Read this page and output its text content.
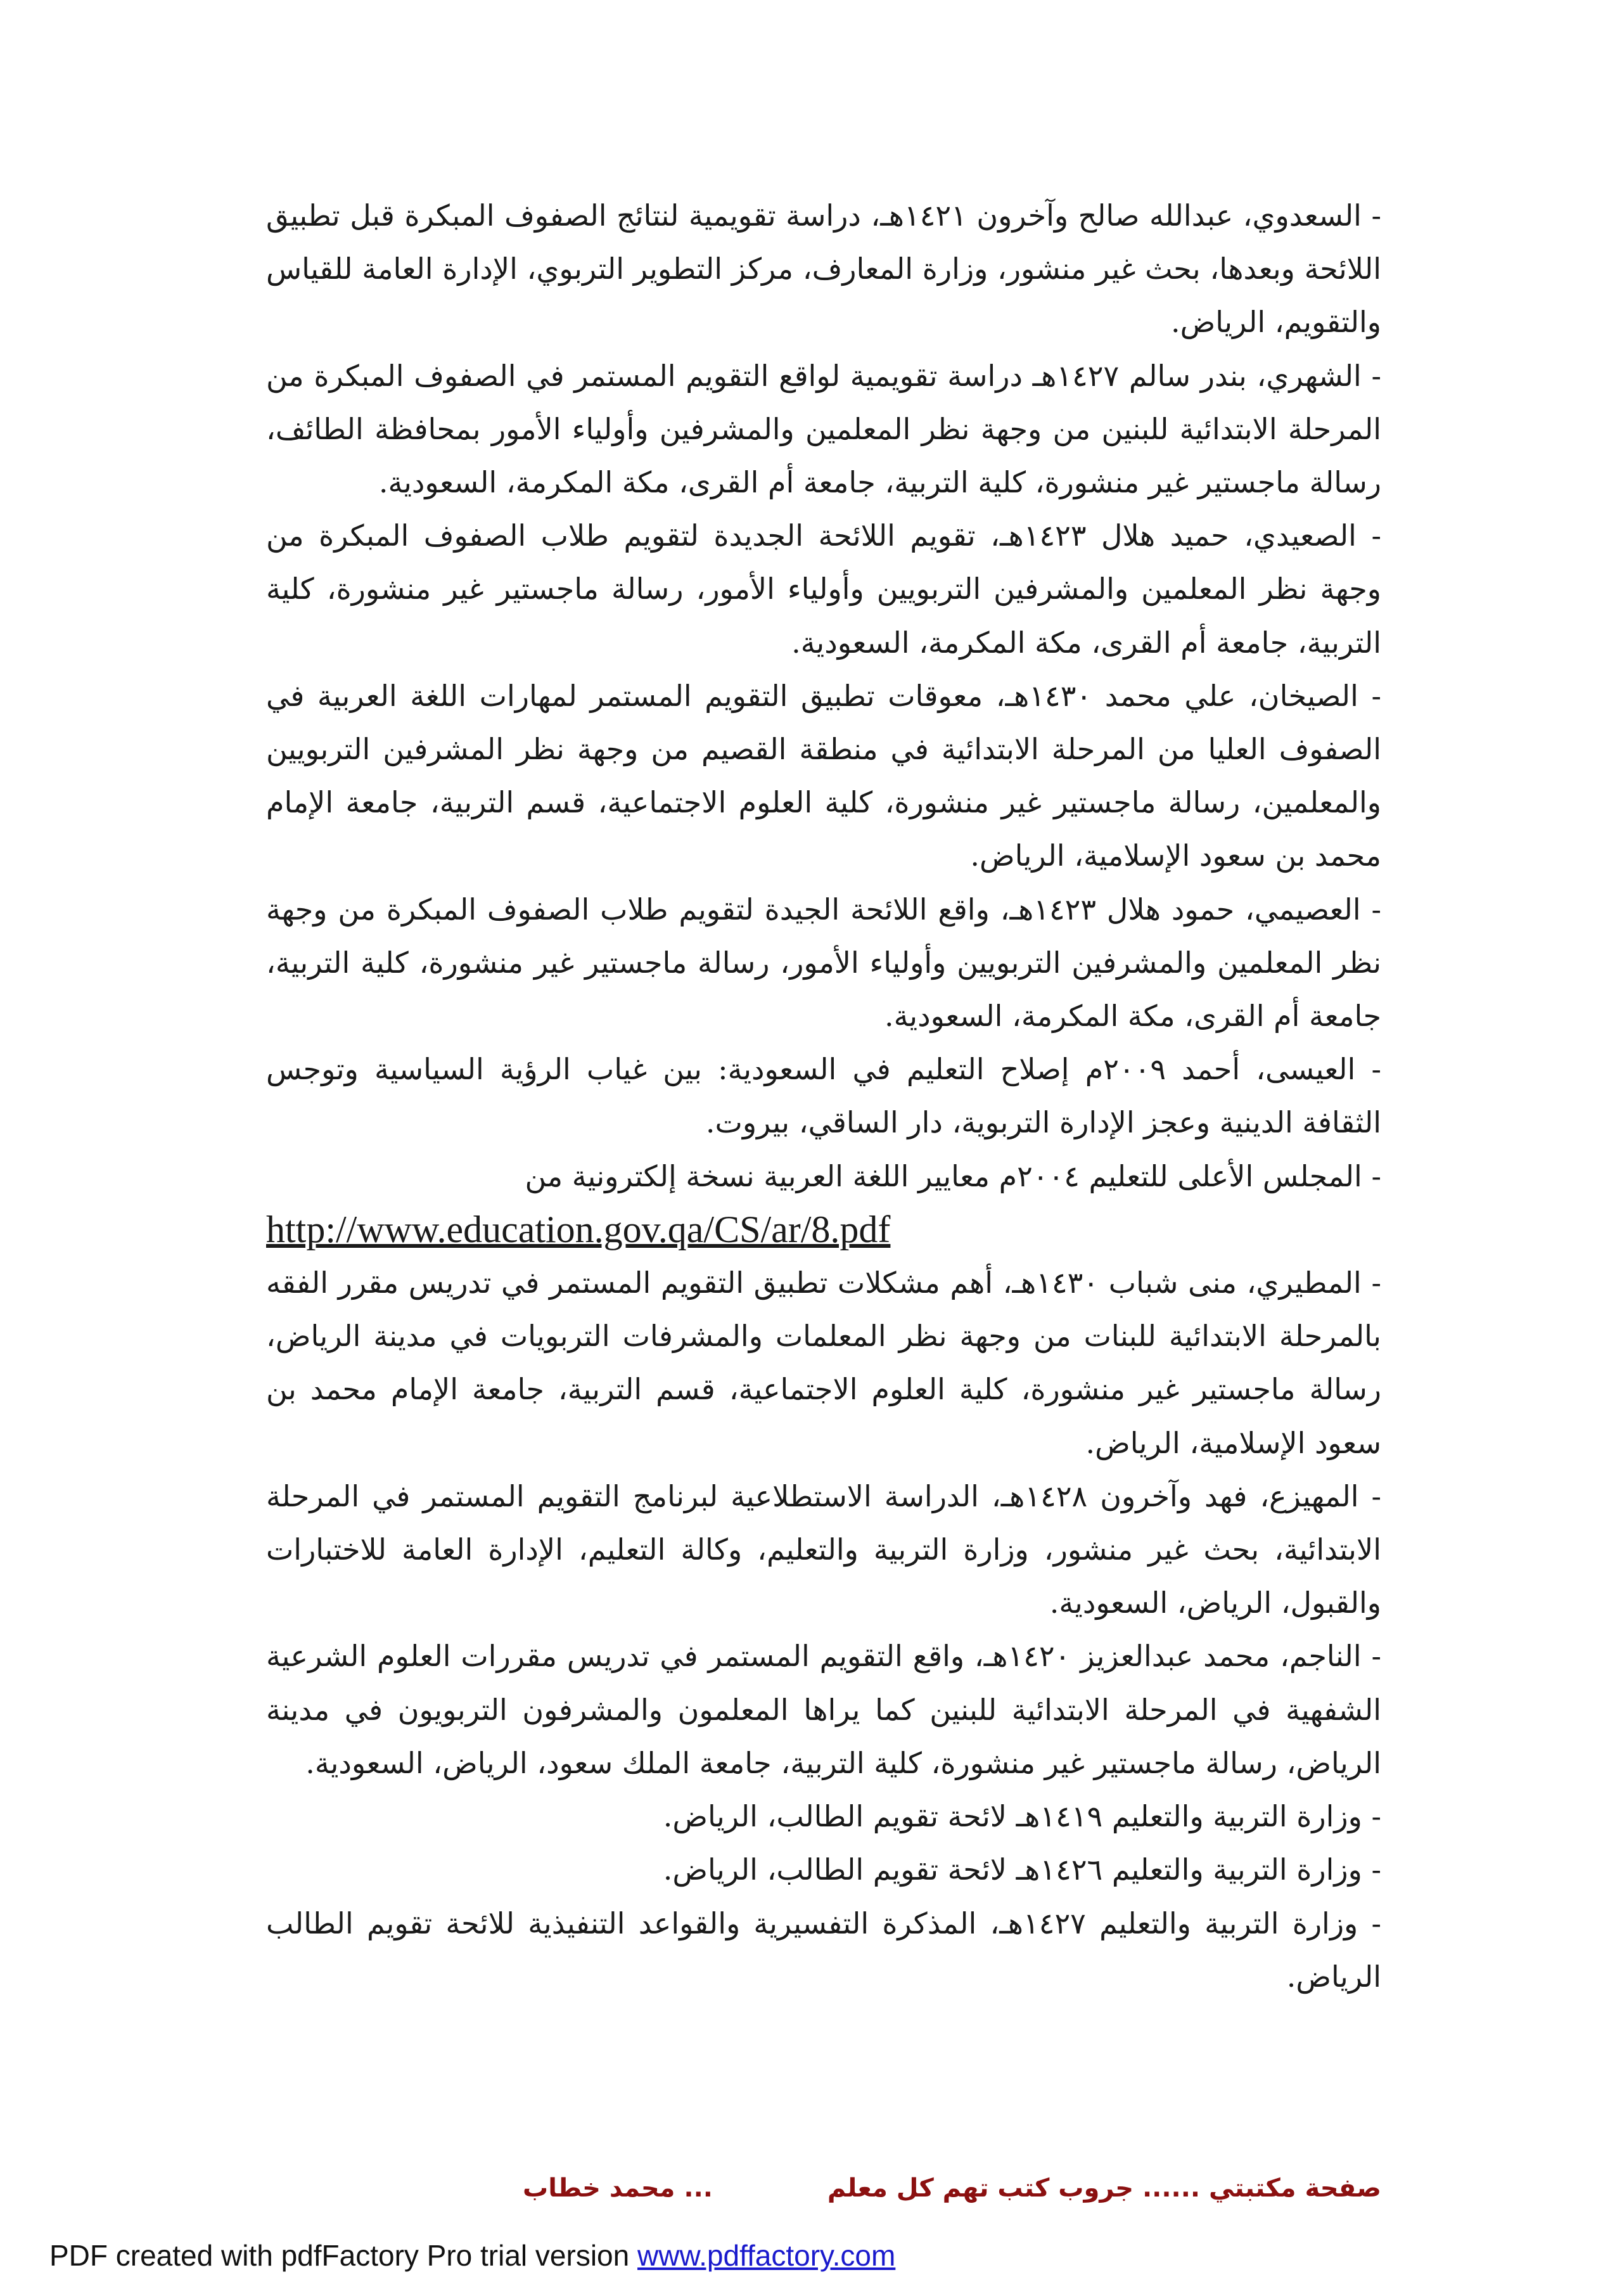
- السعدوي، عبدالله صالح وآخرون ١٤٢١هـ، دراسة تقويمية لنتائج الصفوف المبكرة قبل تطبيق اللائحة وبعدها، بحث غير منشور، وزارة المعارف، مركز التطوير التربوي، الإدارة العامة للقياس والتقويم، الرياض.

- الشهري، بندر سالم ١٤٢٧هـ دراسة تقويمية لواقع التقويم المستمر في الصفوف المبكرة من المرحلة الابتدائية للبنين من وجهة نظر المعلمين والمشرفين وأولياء الأمور بمحافظة الطائف، رسالة ماجستير غير منشورة، كلية التربية، جامعة أم القرى، مكة المكرمة، السعودية.

- الصعيدي، حميد هلال ١٤٢٣هـ، تقويم اللائحة الجديدة لتقويم طلاب الصفوف المبكرة من وجهة نظر المعلمين والمشرفين التربويين وأولياء الأمور، رسالة ماجستير غير منشورة، كلية التربية، جامعة أم القرى، مكة المكرمة، السعودية.

- الصيخان، علي محمد ١٤٣٠هـ، معوقات تطبيق التقويم المستمر لمهارات اللغة العربية في الصفوف العليا من المرحلة الابتدائية في منطقة القصيم من وجهة نظر المشرفين التربويين والمعلمين، رسالة ماجستير غير منشورة، كلية العلوم الاجتماعية، قسم التربية، جامعة الإمام محمد بن سعود الإسلامية، الرياض.

- العصيمي، حمود هلال ١٤٢٣هـ، واقع اللائحة الجيدة لتقويم طلاب الصفوف المبكرة من وجهة نظر المعلمين والمشرفين التربويين وأولياء الأمور، رسالة ماجستير غير منشورة، كلية التربية، جامعة أم القرى، مكة المكرمة، السعودية.

- العيسى، أحمد ٢٠٠٩م إصلاح التعليم في السعودية: بين غياب الرؤية السياسية وتوجس الثقافة الدينية وعجز الإدارة التربوية، دار الساقي، بيروت.

- المجلس الأعلى للتعليم ٢٠٠٤م معايير اللغة العربية نسخة إلكترونية من

http://www.education.gov.qa/CS/ar/8.pdf

- المطيري، منى شباب ١٤٣٠هـ، أهم مشكلات تطبيق التقويم المستمر في تدريس مقرر الفقه بالمرحلة الابتدائية للبنات من وجهة نظر المعلمات والمشرفات التربويات في مدينة الرياض، رسالة ماجستير غير منشورة، كلية العلوم الاجتماعية، قسم التربية، جامعة الإمام محمد بن سعود الإسلامية، الرياض.

- المهيزع، فهد وآخرون ١٤٢٨هـ، الدراسة الاستطلاعية لبرنامج التقويم المستمر في المرحلة الابتدائية، بحث غير منشور، وزارة التربية والتعليم، وكالة التعليم، الإدارة العامة للاختبارات والقبول، الرياض، السعودية.

- الناجم، محمد عبدالعزيز ١٤٢٠هـ، واقع التقويم المستمر في تدريس مقررات العلوم الشرعية الشفهية في المرحلة الابتدائية للبنين كما يراها المعلمون والمشرفون التربويون في مدينة الرياض، رسالة ماجستير غير منشورة، كلية التربية، جامعة الملك سعود، الرياض، السعودية.

- وزارة التربية والتعليم ١٤١٩هـ لائحة تقويم الطالب، الرياض.

- وزارة التربية والتعليم ١٤٢٦هـ لائحة تقويم الطالب، الرياض.

- وزارة التربية والتعليم ١٤٢٧هـ، المذكرة التفسيرية والقواعد التنفيذية للائحة تقويم الطالب الرياض.

صفحة مكتبتي ...... جروب كتب تهم كل معلم
... محمد خطاب
PDF created with pdfFactory Pro trial version www.pdffactory.com
